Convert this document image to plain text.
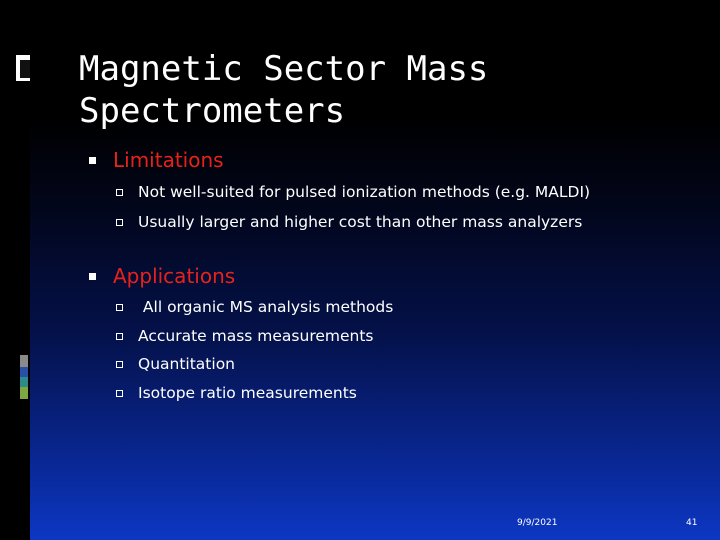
Magnetic Sector Mass Spectrometers
Limitations
Not well-suited for pulsed ionization methods (e.g. MALDI)
Usually larger and higher cost than other mass analyzers
Applications
All organic MS analysis methods
Accurate mass measurements
Quantitation
Isotope ratio measurements
9/9/2021	41
